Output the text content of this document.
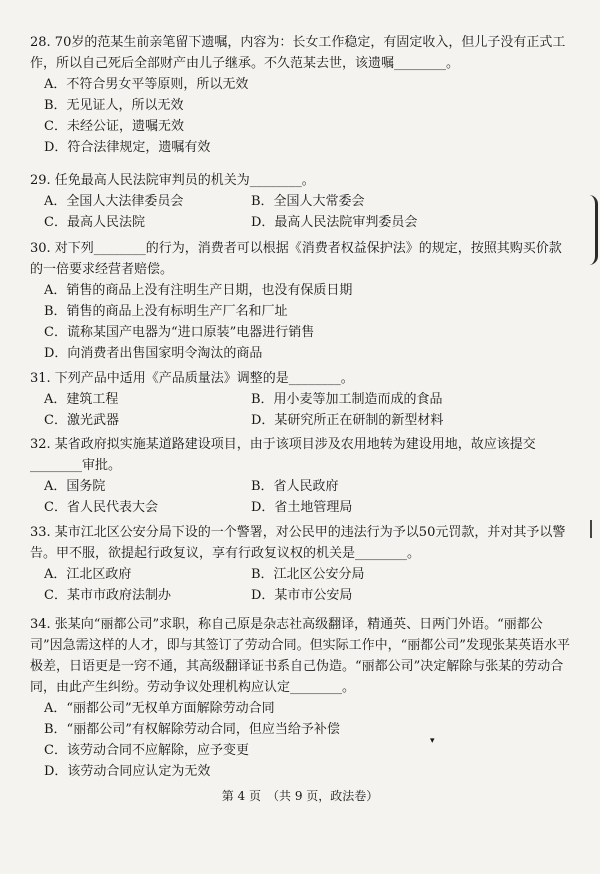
28. 70岁的范某生前亲笔留下遗嘱，内容为：长女工作稳定，有固定收入，但儿子没有正式工作，所以自己死后全部财产由儿子继承。不久范某去世，该遗嘱________。

A．不符合男女平等原则，所以无效
B．无见证人，所以无效
C．未经公证，遗嘱无效
D．符合法律规定，遗嘱有效

29. 任免最高人民法院审判员的机关为________。

A．全国人大法律委员会	B．全国人大常委会
C．最高人民法院	D．最高人民法院审判委员会

30. 对下列________的行为，消费者可以根据《消费者权益保护法》的规定，按照其购买价款的一倍要求经营者赔偿。

A．销售的商品上没有注明生产日期，也没有保质日期
B．销售的商品上没有标明生产厂名和厂址
C．谎称某国产电器为“进口原装”电器进行销售
D．向消费者出售国家明令淘汰的商品

31. 下列产品中适用《产品质量法》调整的是________。

A．建筑工程	B．用小麦等加工制造而成的食品
C．激光武器	D．某研究所正在研制的新型材料

32. 某省政府拟实施某道路建设项目，由于该项目涉及农用地转为建设用地，故应该提交________审批。

A．国务院	B．省人民政府
C．省人民代表大会	D．省土地管理局

33. 某市江北区公安分局下设的一个警署，对公民甲的违法行为予以50元罚款，并对其予以警告。甲不服，欲提起行政复议，享有行政复议权的机关是________。

A．江北区政府	B．江北区公安分局
C．某市市政府法制办	D．某市市公安局

34. 张某向“丽都公司”求职，称自己原是杂志社高级翻译，精通英、日两门外语。“丽都公司”因急需这样的人才，即与其签订了劳动合同。但实际工作中，“丽都公司”发现张某英语水平极差，日语更是一窍不通，其高级翻译证书系自己伪造。“丽都公司”决定解除与张某的劳动合同，由此产生纠纷。劳动争议处理机构应认定________。

A．“丽都公司”无权单方面解除劳动合同
B．“丽都公司”有权解除劳动合同，但应当给予补偿
C．该劳动合同不应解除，应予变更
D．该劳动合同应认定为无效
第 4 页　（共 9 页，政法卷）
▾
